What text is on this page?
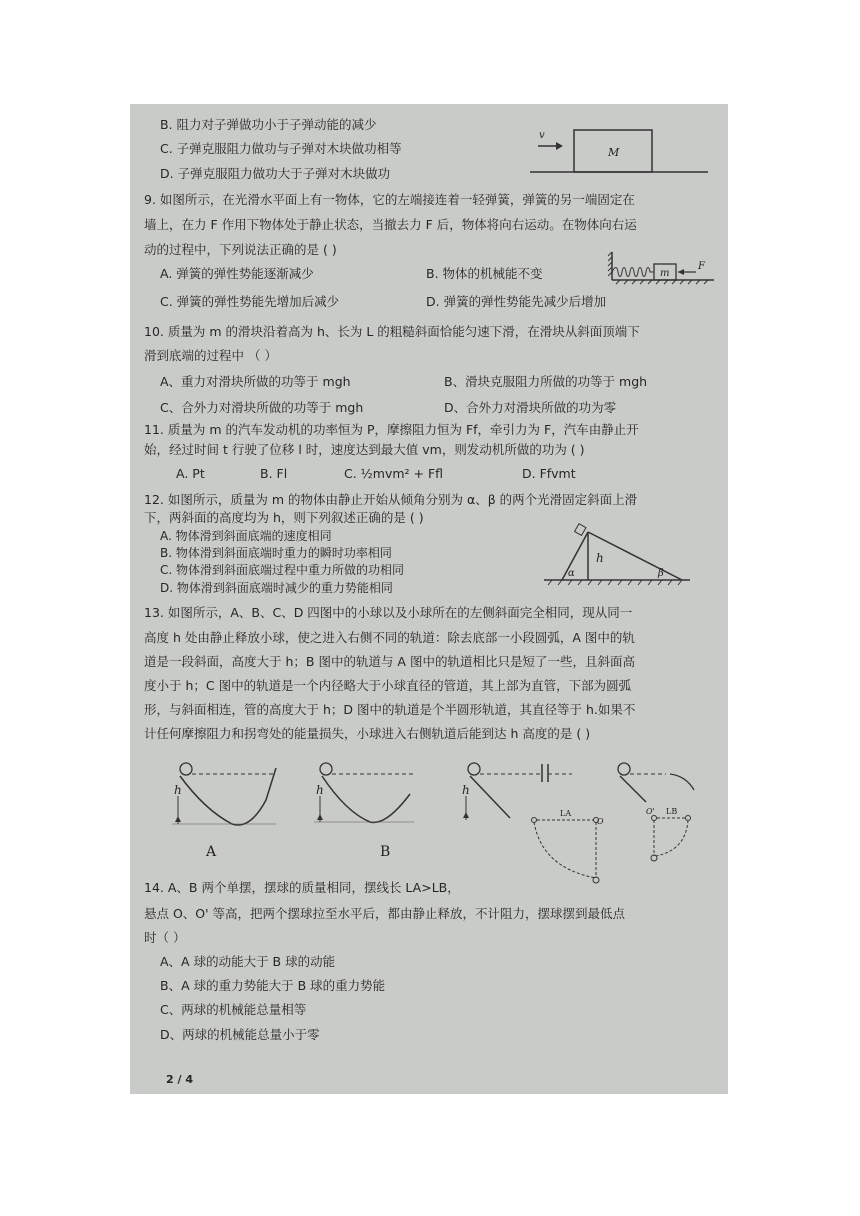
B. 阻力对子弹做功小于子弹动能的减少
C. 子弹克服阻力做功与子弹对木块做功相等
D. 子弹克服阻力做功大于子弹对木块做功
v
M
9. 如图所示，在光滑水平面上有一物体，它的左端接连着一轻弹簧，弹簧的另一端固定在
墙上，在力 F 作用下物体处于静止状态，当撤去力 F 后，物体将向右运动。在物体向右运
动的过程中，下列说法正确的是 ( )
A. 弹簧的弹性势能逐渐减少	B. 物体的机械能不变
C. 弹簧的弹性势能先增加后减少	D. 弹簧的弹性势能先减少后增加
m
F
10. 质量为 m 的滑块沿着高为 h、长为 L 的粗糙斜面恰能匀速下滑，在滑块从斜面顶端下
滑到底端的过程中 （ ）
A、重力对滑块所做的功等于 mgh	B、滑块克服阻力所做的功等于 mgh
C、合外力对滑块所做的功等于 mgh	D、合外力对滑块所做的功为零
11. 质量为 m 的汽车发动机的功率恒为 P，摩擦阻力恒为 Ff，牵引力为 F，汽车由静止开
始，经过时间 t 行驶了位移 l 时，速度达到最大值 vm，则发动机所做的功为 ( )
A. Pt	B. Fl	C. ½mvm² + Ffl	D. Ffvmt
12. 如图所示，质量为 m 的物体由静止开始从倾角分别为 α、β 的两个光滑固定斜面上滑
下，两斜面的高度均为 h，则下列叙述正确的是 ( )
A. 物体滑到斜面底端的速度相同
B. 物体滑到斜面底端时重力的瞬时功率相同
C. 物体滑到斜面底端过程中重力所做的功相同
D. 物体滑到斜面底端时减少的重力势能相同
h
α	β
13. 如图所示，A、B、C、D 四图中的小球以及小球所在的左侧斜面完全相同，现从同一
高度 h 处由静止释放小球，使之进入右侧不同的轨道：除去底部一小段圆弧，A 图中的轨
道是一段斜面，高度大于 h；B 图中的轨道与 A 图中的轨道相比只是短了一些，且斜面高
度小于 h；C 图中的轨道是一个内径略大于小球直径的管道，其上部为直管，下部为圆弧
形，与斜面相连，管的高度大于 h；D 图中的轨道是个半圆形轨道，其直径等于 h.如果不
计任何摩擦阻力和拐弯处的能量损失，小球进入右侧轨道后能到达 h 高度的是 ( )
h
A
h
B
h
LA
O
O' LB
14. A、B 两个单摆，摆球的质量相同，摆线长 LA>LB，
悬点 O、O' 等高，把两个摆球拉至水平后，都由静止释放，不计阻力，摆球摆到最低点
时（ ）
A、A 球的动能大于 B 球的动能
B、A 球的重力势能大于 B 球的重力势能
C、两球的机械能总量相等
D、两球的机械能总量小于零
2 / 4
